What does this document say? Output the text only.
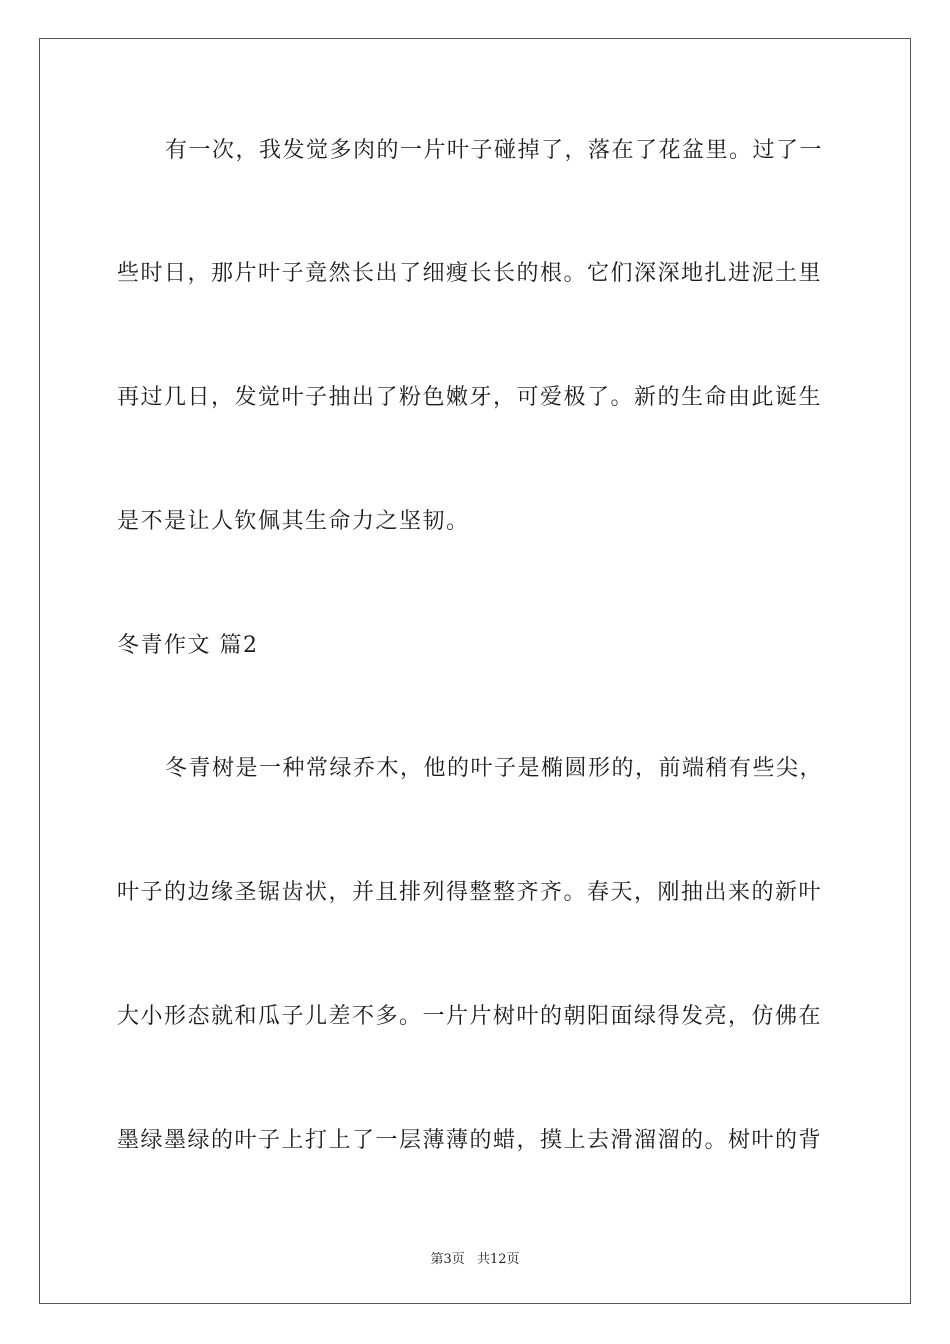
有一次，我发觉多肉的一片叶子碰掉了，落在了花盆里。过了一
些时日，那片叶子竟然长出了细瘦长长的根。它们深深地扎进泥土里
再过几日，发觉叶子抽出了粉色嫩牙，可爱极了。新的生命由此诞生
是不是让人钦佩其生命力之坚韧。
冬青作文 篇2
冬青树是一种常绿乔木，他的叶子是椭圆形的，前端稍有些尖，
叶子的边缘圣锯齿状，并且排列得整整齐齐。春天，刚抽出来的新叶
大小形态就和瓜子儿差不多。一片片树叶的朝阳面绿得发亮，仿佛在
墨绿墨绿的叶子上打上了一层薄薄的蜡，摸上去滑溜溜的。树叶的背
第3页 共12页
